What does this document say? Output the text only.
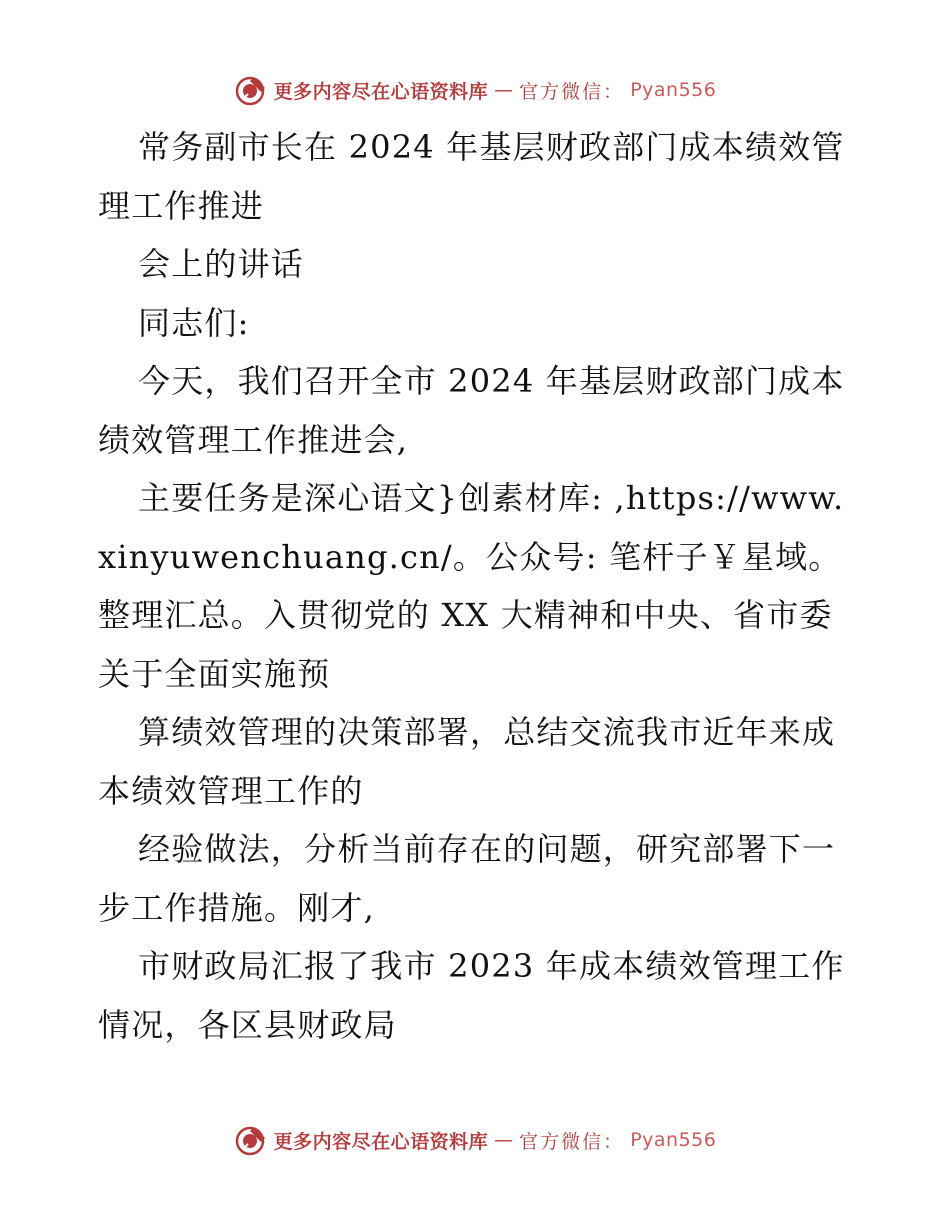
更多内容尽在心语资料库 — 官方微信： Pyan556

常务副市长在 2024 年基层财政部门成本绩效管理工作推进

会上的讲话

同志们:

今天，我们召开全市 2024 年基层财政部门成本绩效管理工作推进会,

主要任务是深心语文}创素材库: ,https://www.xinyuwenchuang.cn/。公众号: 笔杆子￥星域。整理汇总。入贯彻党的 XX 大精神和中央、省市委关于全面实施预

算绩效管理的决策部署，总结交流我市近年来成本绩效管理工作的

经验做法，分析当前存在的问题，研究部署下一步工作措施。刚才,

市财政局汇报了我市 2023 年成本绩效管理工作情况，各区县财政局

更多内容尽在心语资料库 — 官方微信： Pyan556
